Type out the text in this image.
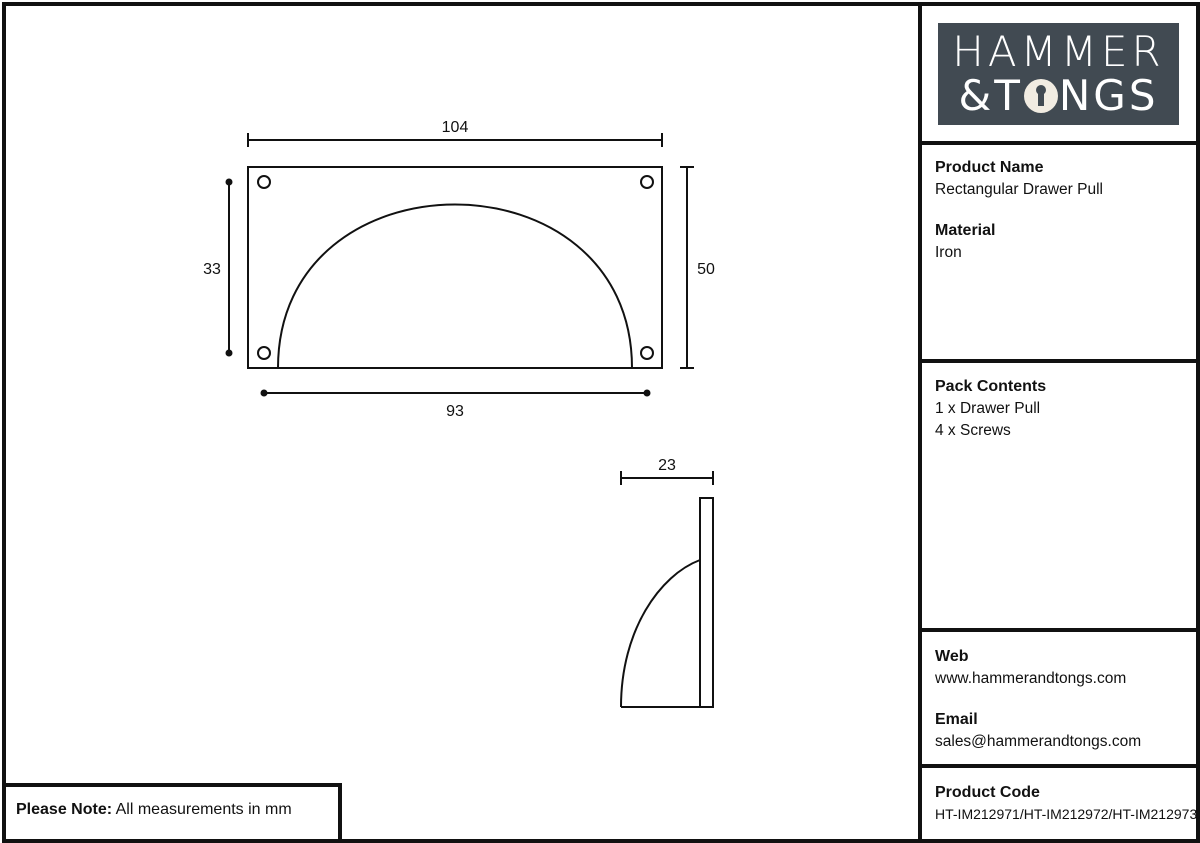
HAMMER
&T NGS
Product Name
Rectangular Drawer Pull
Material
Iron
Pack Contents
1 x Drawer Pull
4 x Screws
Web
www.hammerandtongs.com
Email
sales@hammerandtongs.com
Product Code
HT-IM212971/HT-IM212972/HT-IM212973
Please Note: All measurements in mm
104
33	50
93
23
